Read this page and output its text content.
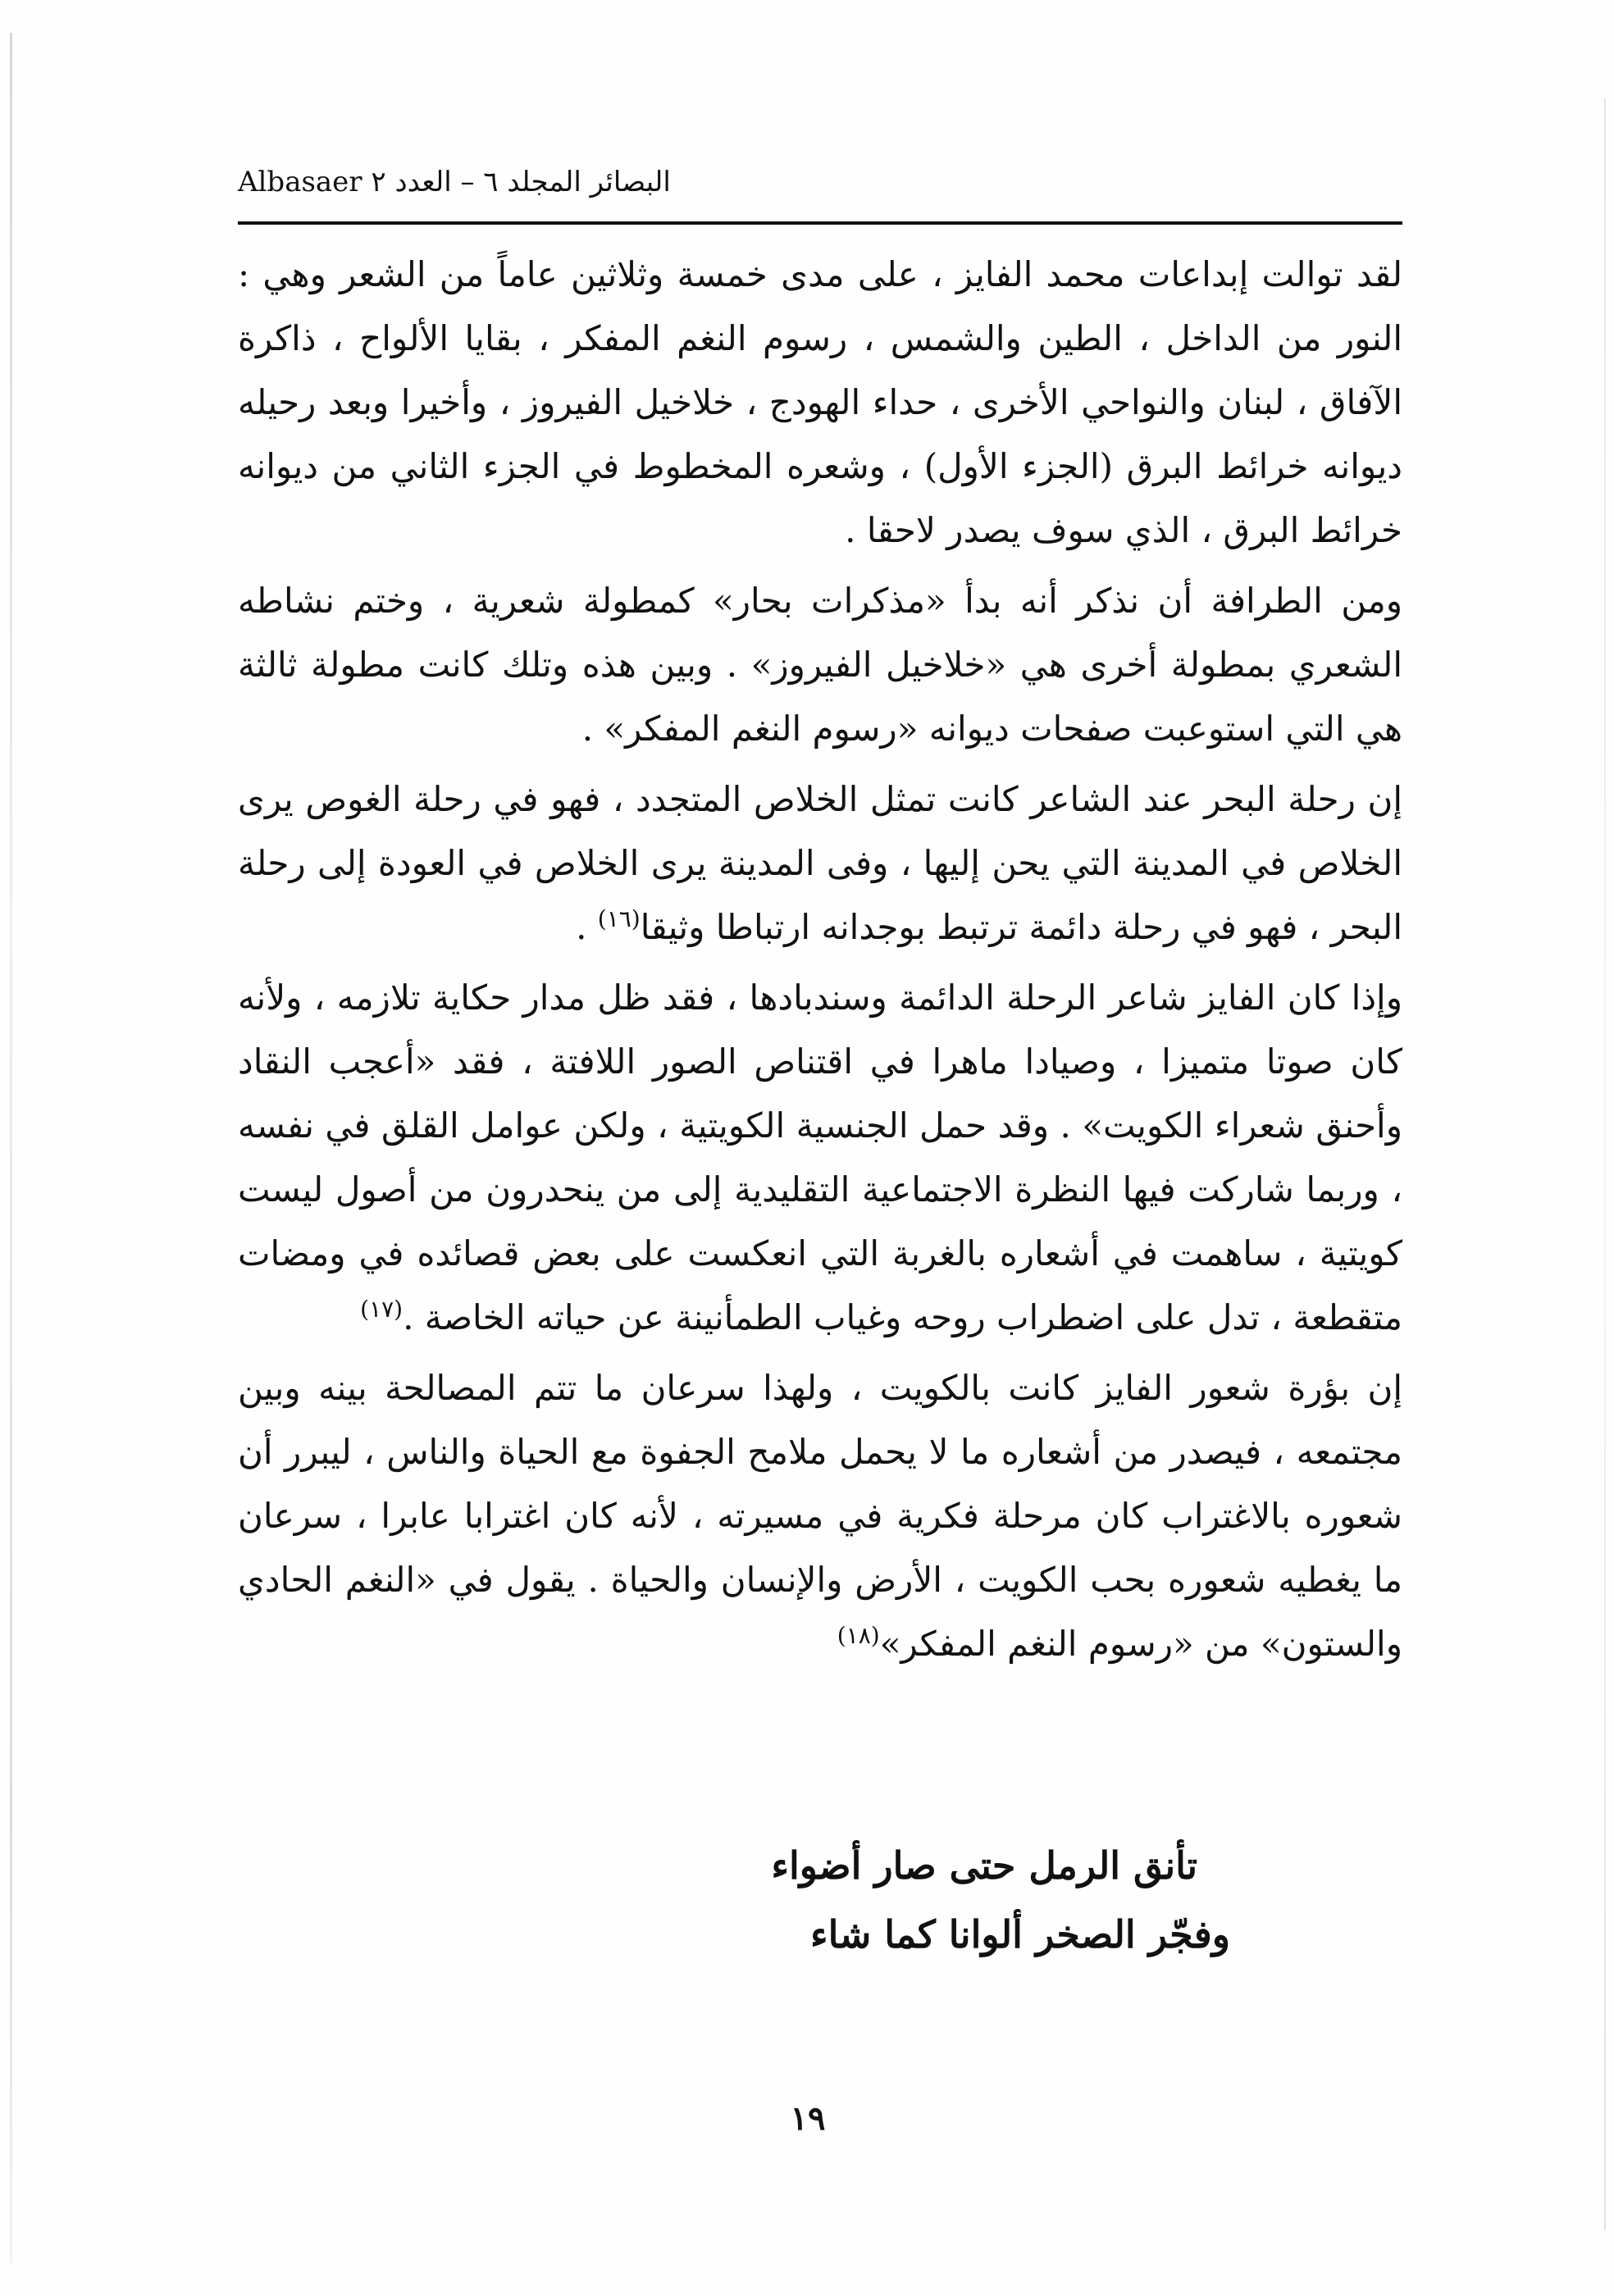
البصائر المجلد ٦ – العدد ٢ Albasaer

لقد توالت إبداعات محمد الفايز ، على مدى خمسة وثلاثين عاماً من الشعر وهي : النور من الداخل ، الطين والشمس ، رسوم النغم المفكر ، بقايا الألواح ، ذاكرة الآفاق ، لبنان والنواحي الأخرى ، حداء الهودج ، خلاخيل الفيروز ، وأخيرا وبعد رحيله ديوانه خرائط البرق (الجزء الأول) ، وشعره المخطوط في الجزء الثاني من ديوانه خرائط البرق ، الذي سوف يصدر لاحقا .

ومن الطرافة أن نذكر أنه بدأ «مذكرات بحار» كمطولة شعرية ، وختم نشاطه الشعري بمطولة أخرى هي «خلاخيل الفيروز» . وبين هذه وتلك كانت مطولة ثالثة هي التي استوعبت صفحات ديوانه «رسوم النغم المفكر» .

إن رحلة البحر عند الشاعر كانت تمثل الخلاص المتجدد ، فهو في رحلة الغوص يرى الخلاص في المدينة التي يحن إليها ، وفى المدينة يرى الخلاص في العودة إلى رحلة البحر ، فهو في رحلة دائمة ترتبط بوجدانه ارتباطا وثيقا$^{(١٦)}$ .

وإذا كان الفايز شاعر الرحلة الدائمة وسندبادها ، فقد ظل مدار حكاية تلازمه ، ولأنه كان صوتا متميزا ، وصيادا ماهرا في اقتناص الصور اللافتة ، فقد «أعجب النقاد وأحنق شعراء الكويت» . وقد حمل الجنسية الكويتية ، ولكن عوامل القلق في نفسه ، وربما شاركت فيها النظرة الاجتماعية التقليدية إلى من ينحدرون من أصول ليست كويتية ، ساهمت في أشعاره بالغربة التي انعكست على بعض قصائده في ومضات متقطعة ، تدل على اضطراب روحه وغياب الطمأنينة عن حياته الخاصة .$^{(١٧)}$

إن بؤرة شعور الفايز كانت بالكويت ، ولهذا سرعان ما تتم المصالحة بينه وبين مجتمعه ، فيصدر من أشعاره ما لا يحمل ملامح الجفوة مع الحياة والناس ، ليبرر أن شعوره بالاغتراب كان مرحلة فكرية في مسيرته ، لأنه كان اغترابا عابرا ، سرعان ما يغطيه شعوره بحب الكويت ، الأرض والإنسان والحياة . يقول في «النغم الحادي والستون» من «رسوم النغم المفكر»$^{(١٨)}$

تأنق الرمل حتى صار أضواء
وفجّر الصخر ألوانا كما شاء
١٩
